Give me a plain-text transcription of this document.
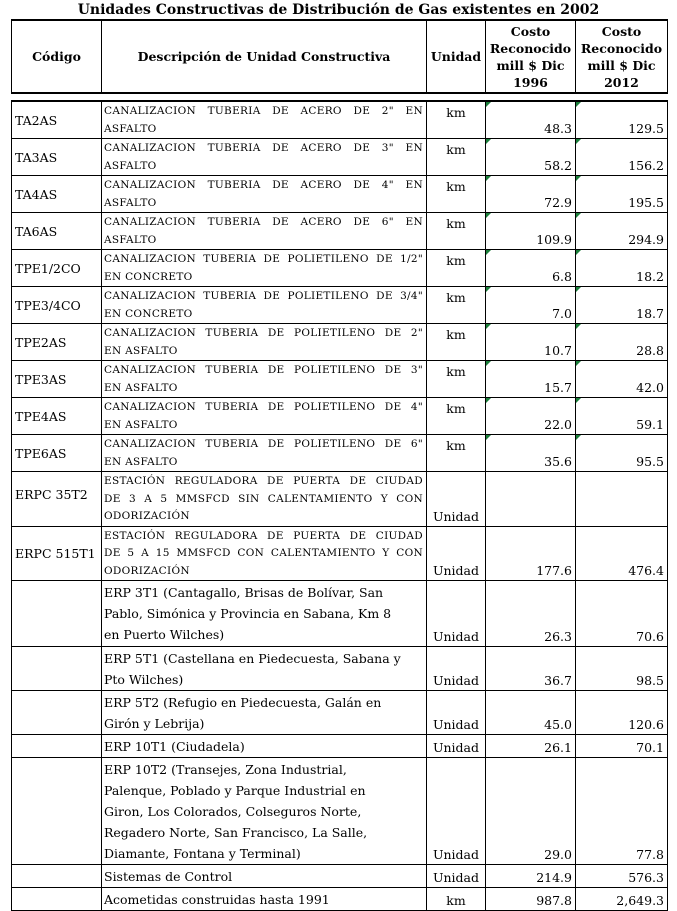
Unidades Constructivas de Distribución de Gas existentes en 2002
Código	Descripción de Unidad Constructiva	Unidad	
Costo
Reconocido
mill $ Dic
1996

Costo
Reconocido
mill $ Dic
2012
TA2AS	CANALIZACION TUBERIA DE ACERO DE 2" EN
ASFALTO	km	48.3	129.5
TA3AS	CANALIZACION TUBERIA DE ACERO DE 3" EN
ASFALTO	km	58.2	156.2
TA4AS	CANALIZACION TUBERIA DE ACERO DE 4" EN
ASFALTO	km	72.9	195.5
TA6AS	CANALIZACION TUBERIA DE ACERO DE 6" EN
ASFALTO	km	109.9	294.9
TPE1/2CO	CANALIZACION TUBERIA DE POLIETILENO DE 1/2"
EN CONCRETO	km	6.8	18.2
TPE3/4CO	CANALIZACION TUBERIA DE POLIETILENO DE 3/4"
EN CONCRETO	km	7.0	18.7
TPE2AS	CANALIZACION TUBERIA DE POLIETILENO DE 2"
EN ASFALTO	km	10.7	28.8
TPE3AS	CANALIZACION TUBERIA DE POLIETILENO DE 3"
EN ASFALTO	km	15.7	42.0
TPE4AS	CANALIZACION TUBERIA DE POLIETILENO DE 4"
EN ASFALTO	km	22.0	59.1
TPE6AS	CANALIZACION TUBERIA DE POLIETILENO DE 6"
EN ASFALTO	km	35.6	95.5
ERPC 35T2	ESTACIÓN REGULADORA DE PUERTA DE CIUDAD
DE 3 A 5 MMSFCD SIN CALENTAMIENTO Y CON
ODORIZACIÓN	Unidad		
ERPC 515T1	ESTACIÓN REGULADORA DE PUERTA DE CIUDAD
DE 5 A 15 MMSFCD CON CALENTAMIENTO Y CON
ODORIZACIÓN	Unidad	177.6	476.4

	ERP 3T1 (Cantagallo, Brisas de Bolívar, San
Pablo, Simónica y Provincia en Sabana, Km 8
en Puerto Wilches)	Unidad	26.3	70.6

	ERP 5T1 (Castellana en Piedecuesta, Sabana y
Pto Wilches)	Unidad	36.7	98.5

	ERP 5T2 (Refugio en Piedecuesta, Galán en
Girón y Lebrija)	Unidad	45.0	120.6

	ERP 10T1 (Ciudadela)	Unidad	26.1	70.1

	ERP 10T2 (Transejes, Zona Industrial,
Palenque, Poblado y Parque Industrial en
Giron, Los Colorados, Colseguros Norte,
Regadero Norte, San Francisco, La Salle,
Diamante, Fontana y Terminal)	Unidad	29.0	77.8

	Sistemas de Control	Unidad	214.9	576.3

	Acometidas construidas hasta 1991	km	987.8	2,649.3
